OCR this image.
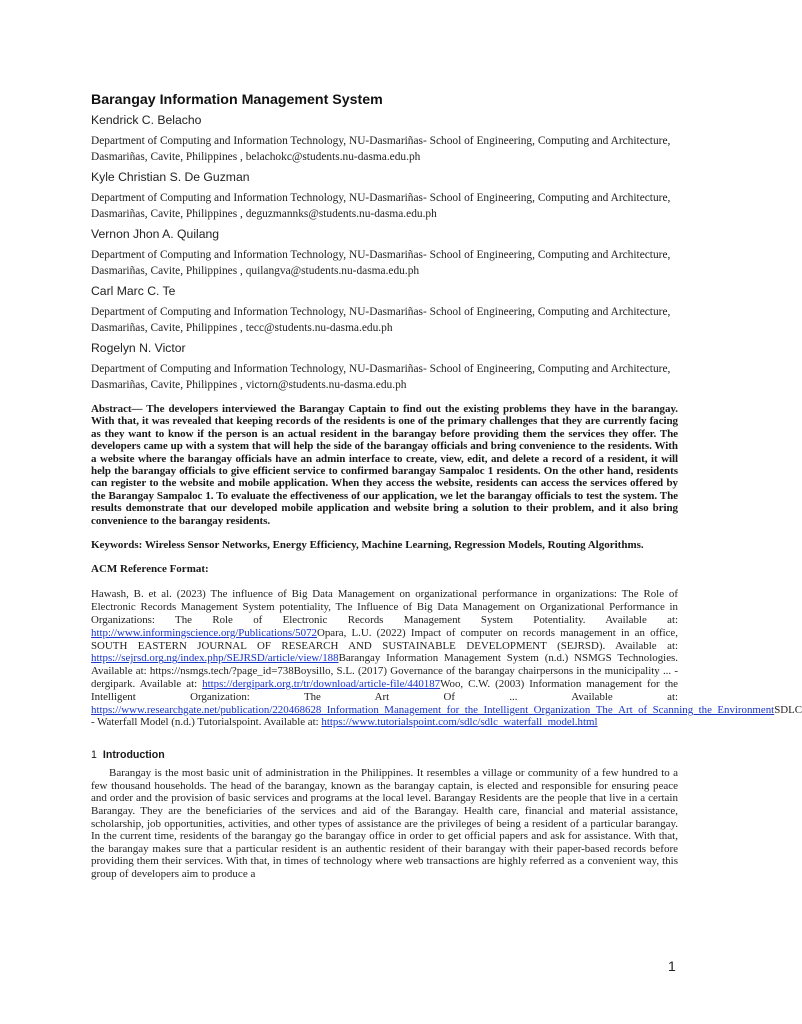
Barangay Information Management System

Kendrick C. Belacho

Department of Computing and Information Technology, NU-Dasmariñas- School of Engineering, Computing and Architecture, Dasmariñas, Cavite, Philippines , belachokc@students.nu-dasma.edu.ph

Kyle Christian S. De Guzman

Department of Computing and Information Technology, NU-Dasmariñas- School of Engineering, Computing and Architecture, Dasmariñas, Cavite, Philippines , deguzmannks@students.nu-dasma.edu.ph

Vernon Jhon A. Quilang

Department of Computing and Information Technology, NU-Dasmariñas- School of Engineering, Computing and Architecture, Dasmariñas, Cavite, Philippines , quilangva@students.nu-dasma.edu.ph

Carl Marc C. Te

Department of Computing and Information Technology, NU-Dasmariñas- School of Engineering, Computing and Architecture, Dasmariñas, Cavite, Philippines , tecc@students.nu-dasma.edu.ph

Rogelyn N. Victor

Department of Computing and Information Technology, NU-Dasmariñas- School of Engineering, Computing and Architecture, Dasmariñas, Cavite, Philippines , victorn@students.nu-dasma.edu.ph

Abstract— The developers interviewed the Barangay Captain to find out the existing problems they have in the barangay. With that, it was revealed that keeping records of the residents is one of the primary challenges that they are currently facing as they want to know if the person is an actual resident in the barangay before providing them the services they offer. The developers came up with a system that will help the side of the barangay officials and bring convenience to the residents. With a website where the barangay officials have an admin interface to create, view, edit, and delete a record of a resident, it will help the barangay officials to give efficient service to confirmed barangay Sampaloc 1 residents. On the other hand, residents can register to the website and mobile application. When they access the website, residents can access the services offered by the Barangay Sampaloc 1. To evaluate the effectiveness of our application, we let the barangay officials to test the system. The results demonstrate that our developed mobile application and website bring a solution to their problem, and it also bring convenience to the barangay residents.

Keywords: Wireless Sensor Networks, Energy Efficiency, Machine Learning, Regression Models, Routing Algorithms.

ACM Reference Format:

Hawash, B. et al. (2023) The influence of Big Data Management on organizational performance in organizations: The Role of Electronic Records Management System potentiality, The Influence of Big Data Management on Organizational Performance in Organizations: The Role of Electronic Records Management System Potentiality. Available at: http://www.informingscience.org/Publications/5072Opara, L.U. (2022) Impact of computer on records management in an office, SOUTH EASTERN JOURNAL OF RESEARCH AND SUSTAINABLE DEVELOPMENT (SEJRSD). Available at: https://sejrsd.org.ng/index.php/SEJRSD/article/view/188Barangay Information Management System (n.d.) NSMGS Technologies. Available at: https://nsmgs.tech/?page_id=738Boysillo, S.L. (2017) Governance of the barangay chairpersons in the municipality ... - dergipark. Available at: https://dergipark.org.tr/tr/download/article-file/440187Woo, C.W. (2003) Information management for the Intelligent Organization: The Art Of ... Available at: https://www.researchgate.net/publication/220468628_Information_Management_for_the_Intelligent_Organization_The_Art_of_Scanning_the_EnvironmentSDLC - Waterfall Model (n.d.) Tutorialspoint. Available at: https://www.tutorialspoint.com/sdlc/sdlc_waterfall_model.html

1 Introduction

Barangay is the most basic unit of administration in the Philippines. It resembles a village or community of a few hundred to a few thousand households. The head of the barangay, known as the barangay captain, is elected and responsible for ensuring peace and order and the provision of basic services and programs at the local level. Barangay Residents are the people that live in a certain Barangay. They are the beneficiaries of the services and aid of the Barangay. Health care, financial and material assistance, scholarship, job opportunities, activities, and other types of assistance are the privileges of being a resident of a particular barangay. In the current time, residents of the barangay go the barangay office in order to get official papers and ask for assistance. With that, the barangay makes sure that a particular resident is an authentic resident of their barangay with their paper-based records before providing them their services. With that, in times of technology where web transactions are highly referred as a convenient way, this group of developers aim to produce a

1
